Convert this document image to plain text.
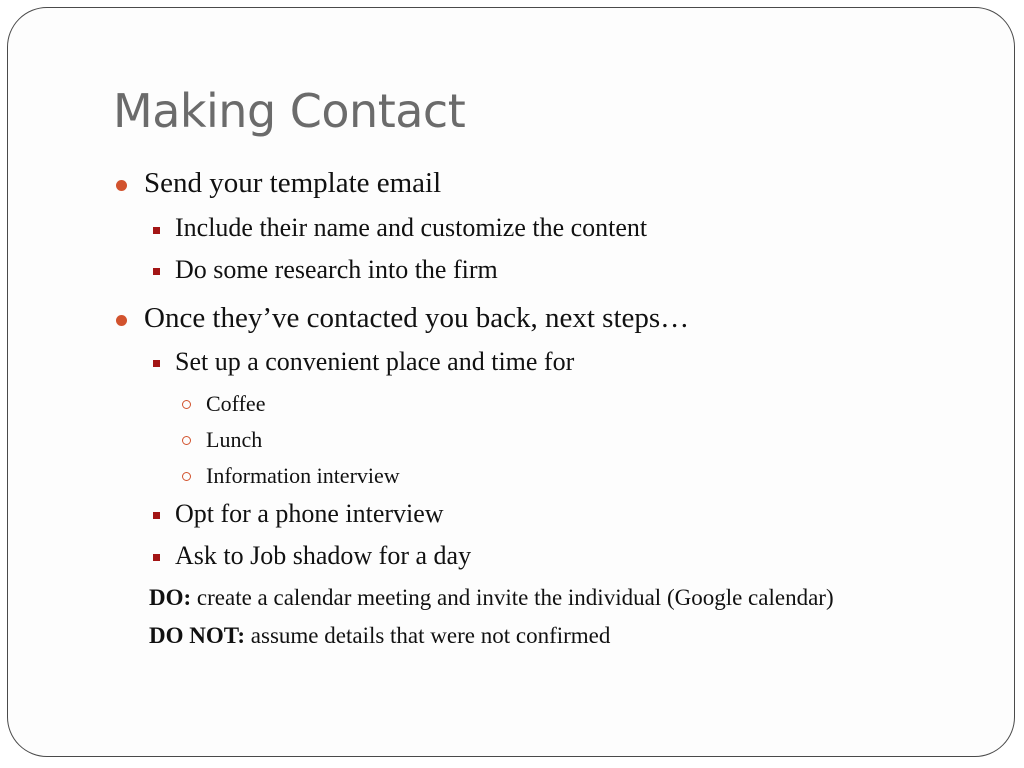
Making Contact
Send your template email
Include their name and customize the content
Do some research into the firm
Once they’ve contacted you back, next steps…
Set up a convenient place and time for
Coffee
Lunch
Information interview
Opt for a phone interview
Ask to Job shadow for a day
DO: create a calendar meeting and invite the individual (Google calendar)
DO NOT: assume details that were not confirmed
